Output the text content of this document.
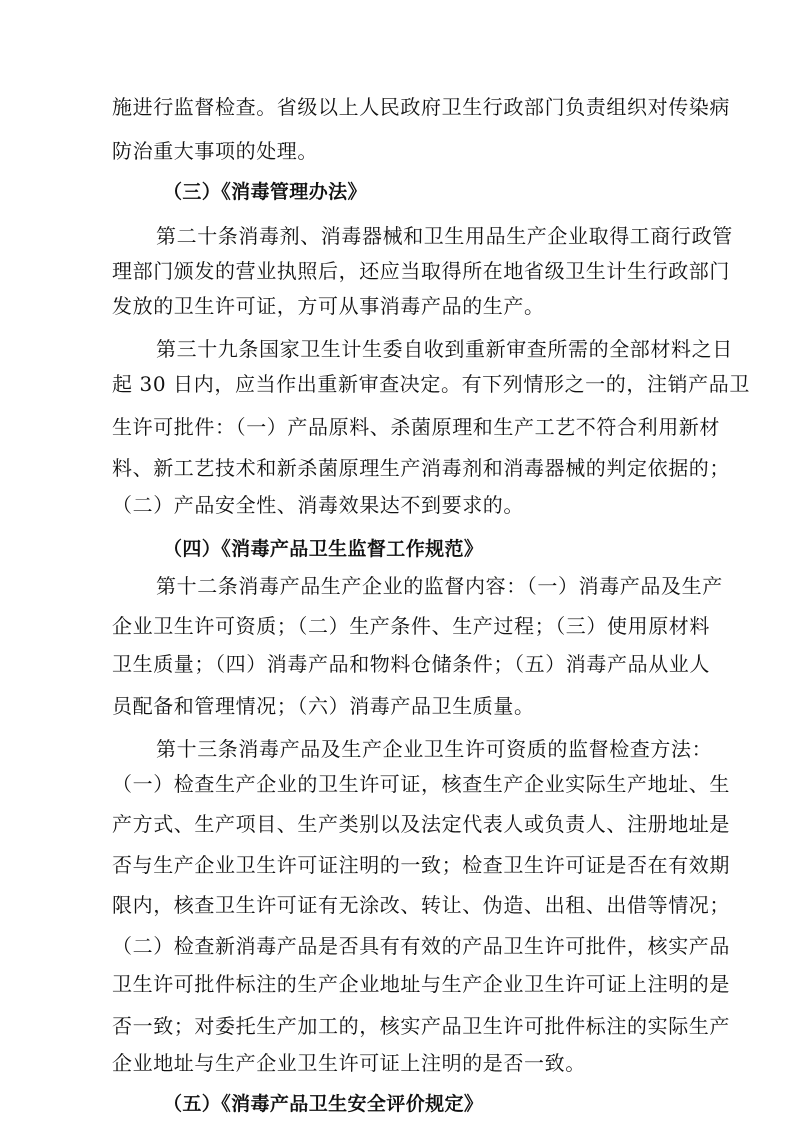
施进行监督检查。省级以上人民政府卫生行政部门负责组织对传染病
防治重大事项的处理。
（三）《消毒管理办法》
第二十条消毒剂、消毒器械和卫生用品生产企业取得工商行政管
理部门颁发的营业执照后，还应当取得所在地省级卫生计生行政部门
发放的卫生许可证，方可从事消毒产品的生产。
第三十九条国家卫生计生委自收到重新审查所需的全部材料之日
起 30 日内，应当作出重新审查决定。有下列情形之一的，注销产品卫
生许可批件：（一）产品原料、杀菌原理和生产工艺不符合利用新材
料、新工艺技术和新杀菌原理生产消毒剂和消毒器械的判定依据的；
（二）产品安全性、消毒效果达不到要求的。
（四）《消毒产品卫生监督工作规范》
第十二条消毒产品生产企业的监督内容：（一）消毒产品及生产
企业卫生许可资质；（二）生产条件、生产过程；（三）使用原材料
卫生质量；（四）消毒产品和物料仓储条件；（五）消毒产品从业人
员配备和管理情况；（六）消毒产品卫生质量。
第十三条消毒产品及生产企业卫生许可资质的监督检查方法：
（一）检查生产企业的卫生许可证，核查生产企业实际生产地址、生
产方式、生产项目、生产类别以及法定代表人或负责人、注册地址是
否与生产企业卫生许可证注明的一致；检查卫生许可证是否在有效期
限内，核查卫生许可证有无涂改、转让、伪造、出租、出借等情况；
（二）检查新消毒产品是否具有有效的产品卫生许可批件，核实产品
卫生许可批件标注的生产企业地址与生产企业卫生许可证上注明的是
否一致；对委托生产加工的，核实产品卫生许可批件标注的实际生产
企业地址与生产企业卫生许可证上注明的是否一致。
（五）《消毒产品卫生安全评价规定》
